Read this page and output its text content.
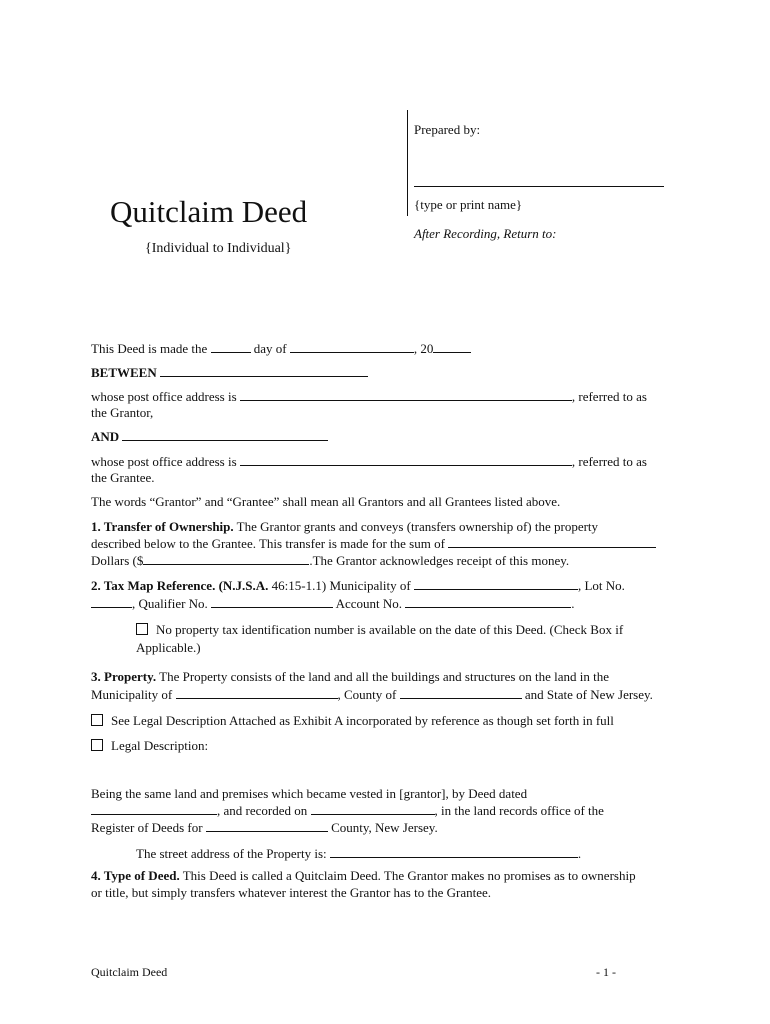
Prepared by:
{type or print name}
After Recording, Return to:
Quitclaim Deed
{Individual to Individual}
This Deed is made the	day of	, 20
BETWEEN
whose post office address is	, referred to as
the Grantor,
AND
whose post office address is	, referred to as
the Grantee.
The words “Grantor” and “Grantee” shall mean all Grantors and all Grantees listed above.
1. Transfer of Ownership. The Grantor grants and conveys (transfers ownership of) the property
described below to the Grantee. This transfer is made for the sum of
Dollars ($	.The Grantor acknowledges receipt of this money.
2. Tax Map Reference. (N.J.S.A. 46:15-1.1) Municipality of	, Lot No.
, Qualifier No.	Account No.	.
No property tax identification number is available on the date of this Deed. (Check Box if
Applicable.)
3. Property. The Property consists of the land and all the buildings and structures on the land in the
Municipality of	, County of	and State of New Jersey.
See Legal Description Attached as Exhibit A incorporated by reference as though set forth in full
Legal Description:
Being the same land and premises which became vested in [grantor], by Deed dated
, and recorded on	, in the land records office of the
Register of Deeds for	County, New Jersey.
The street address of the Property is:	.
4. Type of Deed. This Deed is called a Quitclaim Deed. The Grantor makes no promises as to ownership
or title, but simply transfers whatever interest the Grantor has to the Grantee.
Quitclaim Deed	- 1 -
